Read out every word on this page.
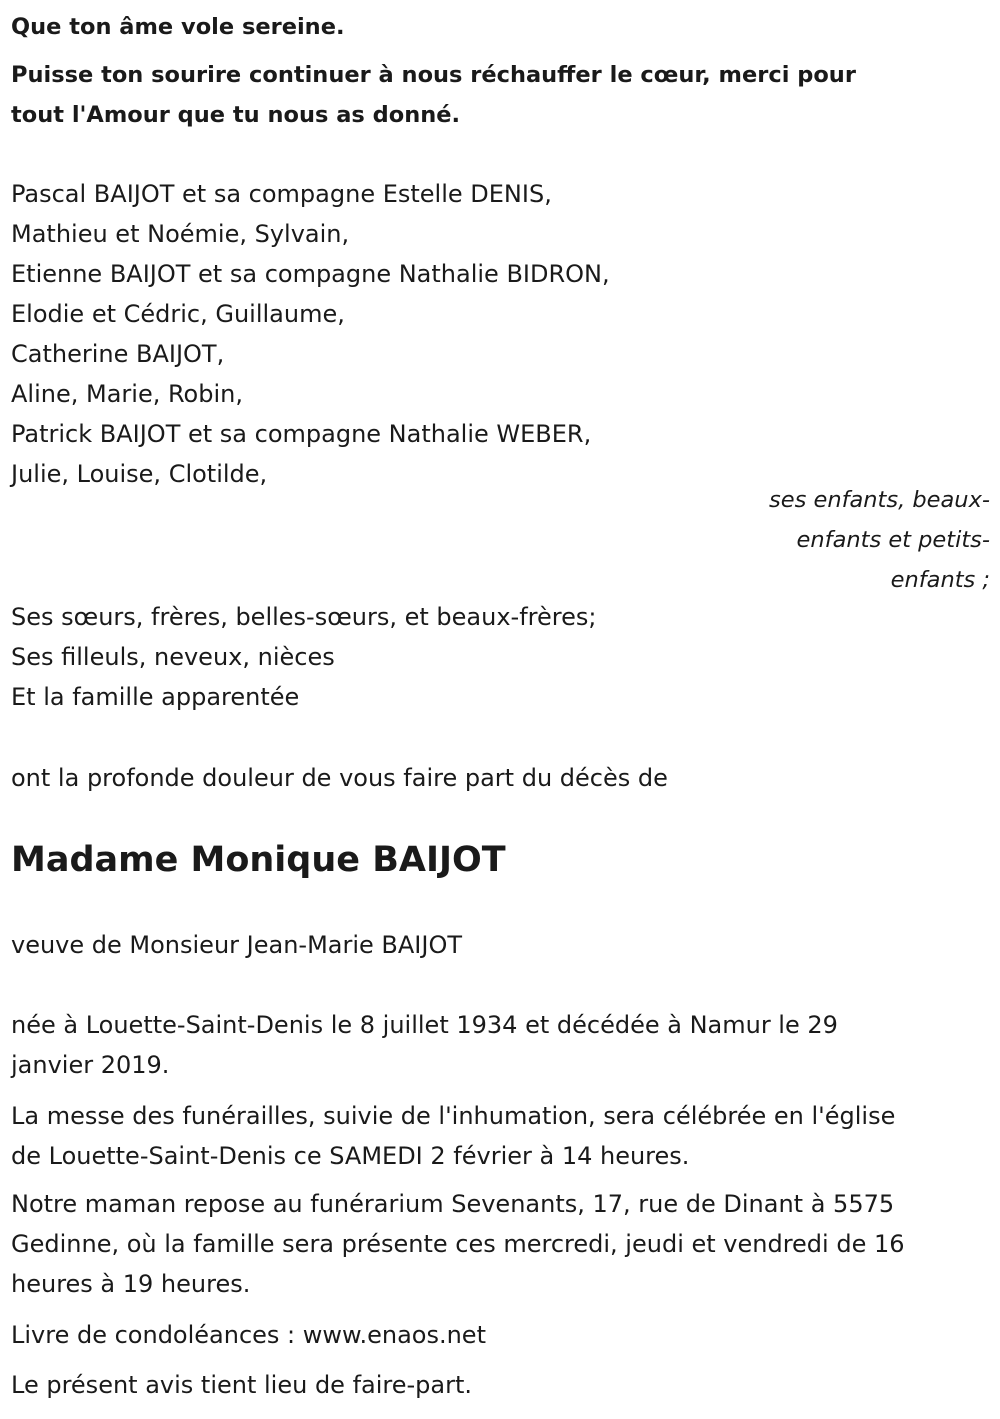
Que ton âme vole sereine.

Puisse ton sourire continuer à nous réchauffer le cœur, merci pour

tout l'Amour que tu nous as donné.

Pascal BAIJOT et sa compagne Estelle DENIS,

Mathieu et Noémie, Sylvain,

Etienne BAIJOT et sa compagne Nathalie BIDRON,

Elodie et Cédric, Guillaume,

Catherine BAIJOT,

Aline, Marie, Robin,

Patrick BAIJOT et sa compagne Nathalie WEBER,

Julie, Louise, Clotilde,

ses enfants, beaux-
enfants et petits-
enfants ;

Ses sœurs, frères, belles-sœurs, et beaux-frères;

Ses filleuls, neveux, nièces

Et la famille apparentée

ont la profonde douleur de vous faire part du décès de

Madame Monique BAIJOT

veuve de Monsieur Jean-Marie BAIJOT

née à Louette-Saint-Denis le 8 juillet 1934 et décédée à Namur le 29

janvier 2019.

La messe des funérailles, suivie de l'inhumation, sera célébrée en l'église

de Louette-Saint-Denis ce SAMEDI 2 février à 14 heures.

Notre maman repose au funérarium Sevenants, 17, rue de Dinant à 5575

Gedinne, où la famille sera présente ces mercredi, jeudi et vendredi de 16

heures à 19 heures.

Livre de condoléances : www.enaos.net

Le présent avis tient lieu de faire-part.
